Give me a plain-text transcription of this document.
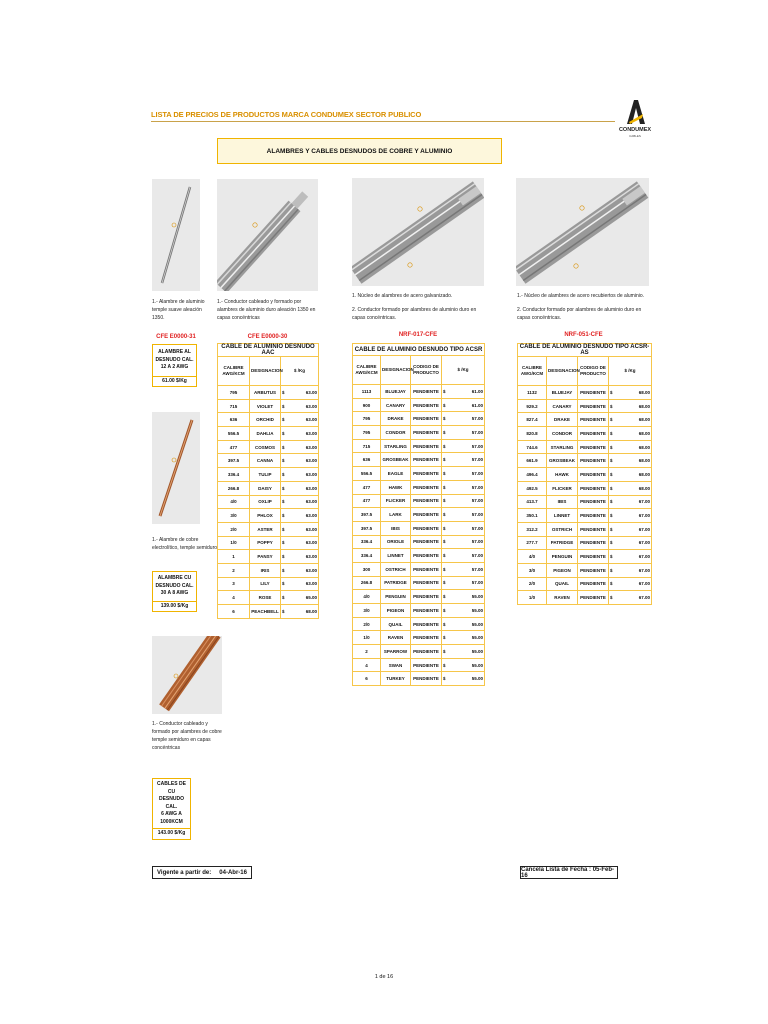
LISTA DE PRECIOS DE PRODUCTOS MARCA CONDUMEX SECTOR PUBLICO
CONDUMEX
CABLES
ALAMBRES Y CABLES DESNUDOS DE COBRE Y ALUMINIO
1.- Alambre de aluminio temple suave aleación 1350.
CFE E0000-31
ALAMBRE AL
DESNUDO CAL.
12 A 2 AWG
61.00 $/Kg
1.- Alambre de cobre electrolítico, temple semiduro
ALAMBRE CU
DESNUDO CAL.
30 A 8 AWG
139.00 $/Kg
1.- Conductor cableado y formado por alambres de cobre temple semiduro en capas concéntricas
CABLES DE CU
DESNUDO CAL.
6 AWG A
1000KCM
143.00 $/Kg
1.- Conductor cableado y formado por alambres de aluminio duro aleación 1350 en capas concéntricas
CFE E0000-30
CABLE DE ALUMINIO DESNUDO AAC			
CALIBRE AWG/KCM	DESIGNACION	$ /Kg	
795	ARBUTUS	$	63.00
715	VIOLET	$	63.00
636	ORCHID	$	63.00
556.5	DAHLIA	$	63.00
477	COSMOS	$	63.00
397.5	CANNA	$	63.00
336.4	TULIP	$	63.00
266.8	DAISY	$	63.00
4/0	OXLIP	$	63.00
3/0	PHLOX	$	63.00
2/0	ASTER	$	63.00
1/0	POPPY	$	63.00
1	PANSY	$	63.00
2	IRIS	$	63.00
3	LILY	$	63.00
4	ROSE	$	65.00
6	PEACHBELL	$	68.00
1. Núcleo de alambres de acero galvanizado.
2. Conductor formado por alambres de aluminio duro en capas concéntricas.
NRF-017-CFE
CABLE DE ALUMINIO DESNUDO TIPO ACSR				
CALIBRE AWG/KCM	DESIGNACION	CODIGO DE PRODUCTO	$ /Kg	
1113	BLUEJAY	PENDIENTE	$	61.00
900	CANARY	PENDIENTE	$	61.00
795	DRAKE	PENDIENTE	$	57.00
795	CONDOR	PENDIENTE	$	57.00
715	STARLING	PENDIENTE	$	57.00
636	GROSBEAK	PENDIENTE	$	57.00
556.5	EAGLE	PENDIENTE	$	57.00
477	HAWK	PENDIENTE	$	57.00
477	FLICKER	PENDIENTE	$	57.00
397.5	LARK	PENDIENTE	$	57.00
397.5	IBIS	PENDIENTE	$	57.00
336.4	ORIOLE	PENDIENTE	$	57.00
336.4	LINNET	PENDIENTE	$	57.00
300	OSTRICH	PENDIENTE	$	57.00
266.8	PATRIDGE	PENDIENTE	$	57.00
4/0	PENGUIN	PENDIENTE	$	55.00
3/0	PIGEON	PENDIENTE	$	55.00
2/0	QUAIL	PENDIENTE	$	55.00
1/0	RAVEN	PENDIENTE	$	55.00
2	SPARROW	PENDIENTE	$	55.00
4	SWAN	PENDIENTE	$	55.00
6	TURKEY	PENDIENTE	$	55.00
1.- Núcleo de alambres de acero recubiertos de aluminio.
2. Conductor formado por alambres de aluminio duro en capas concéntricas.
NRF-051-CFE
CABLE DE ALUMINIO DESNUDO TIPO ACSR-AS				
CALIBRE AWG/KCM	DESIGNACION	CODIGO DE PRODUCTO	$ /Kg	
1132	BLUEJAY	PENDIENTE	$	68.00
929.2	CANARY	PENDIENTE	$	68.00
827.4	DRAKE	PENDIENTE	$	68.00
820.8	CONDOR	PENDIENTE	$	68.00
744.6	STARLING	PENDIENTE	$	68.00
661.9	GROSBEAK	PENDIENTE	$	68.00
496.4	HAWK	PENDIENTE	$	68.00
492.5	FLICKER	PENDIENTE	$	68.00
413.7	IBIS	PENDIENTE	$	67.00
350.1	LINNET	PENDIENTE	$	67.00
312.2	OSTRICH	PENDIENTE	$	67.00
277.7	PATRIDGE	PENDIENTE	$	67.00
4/0	PENGUIN	PENDIENTE	$	67.00
3/0	PIGEON	PENDIENTE	$	67.00
2/0	QUAIL	PENDIENTE	$	67.00
1/0	RAVEN	PENDIENTE	$	67.00
Vigente a partir de: 04-Abr-16	Cancela Lista de Fecha : 05-Feb-16
1 de 16
